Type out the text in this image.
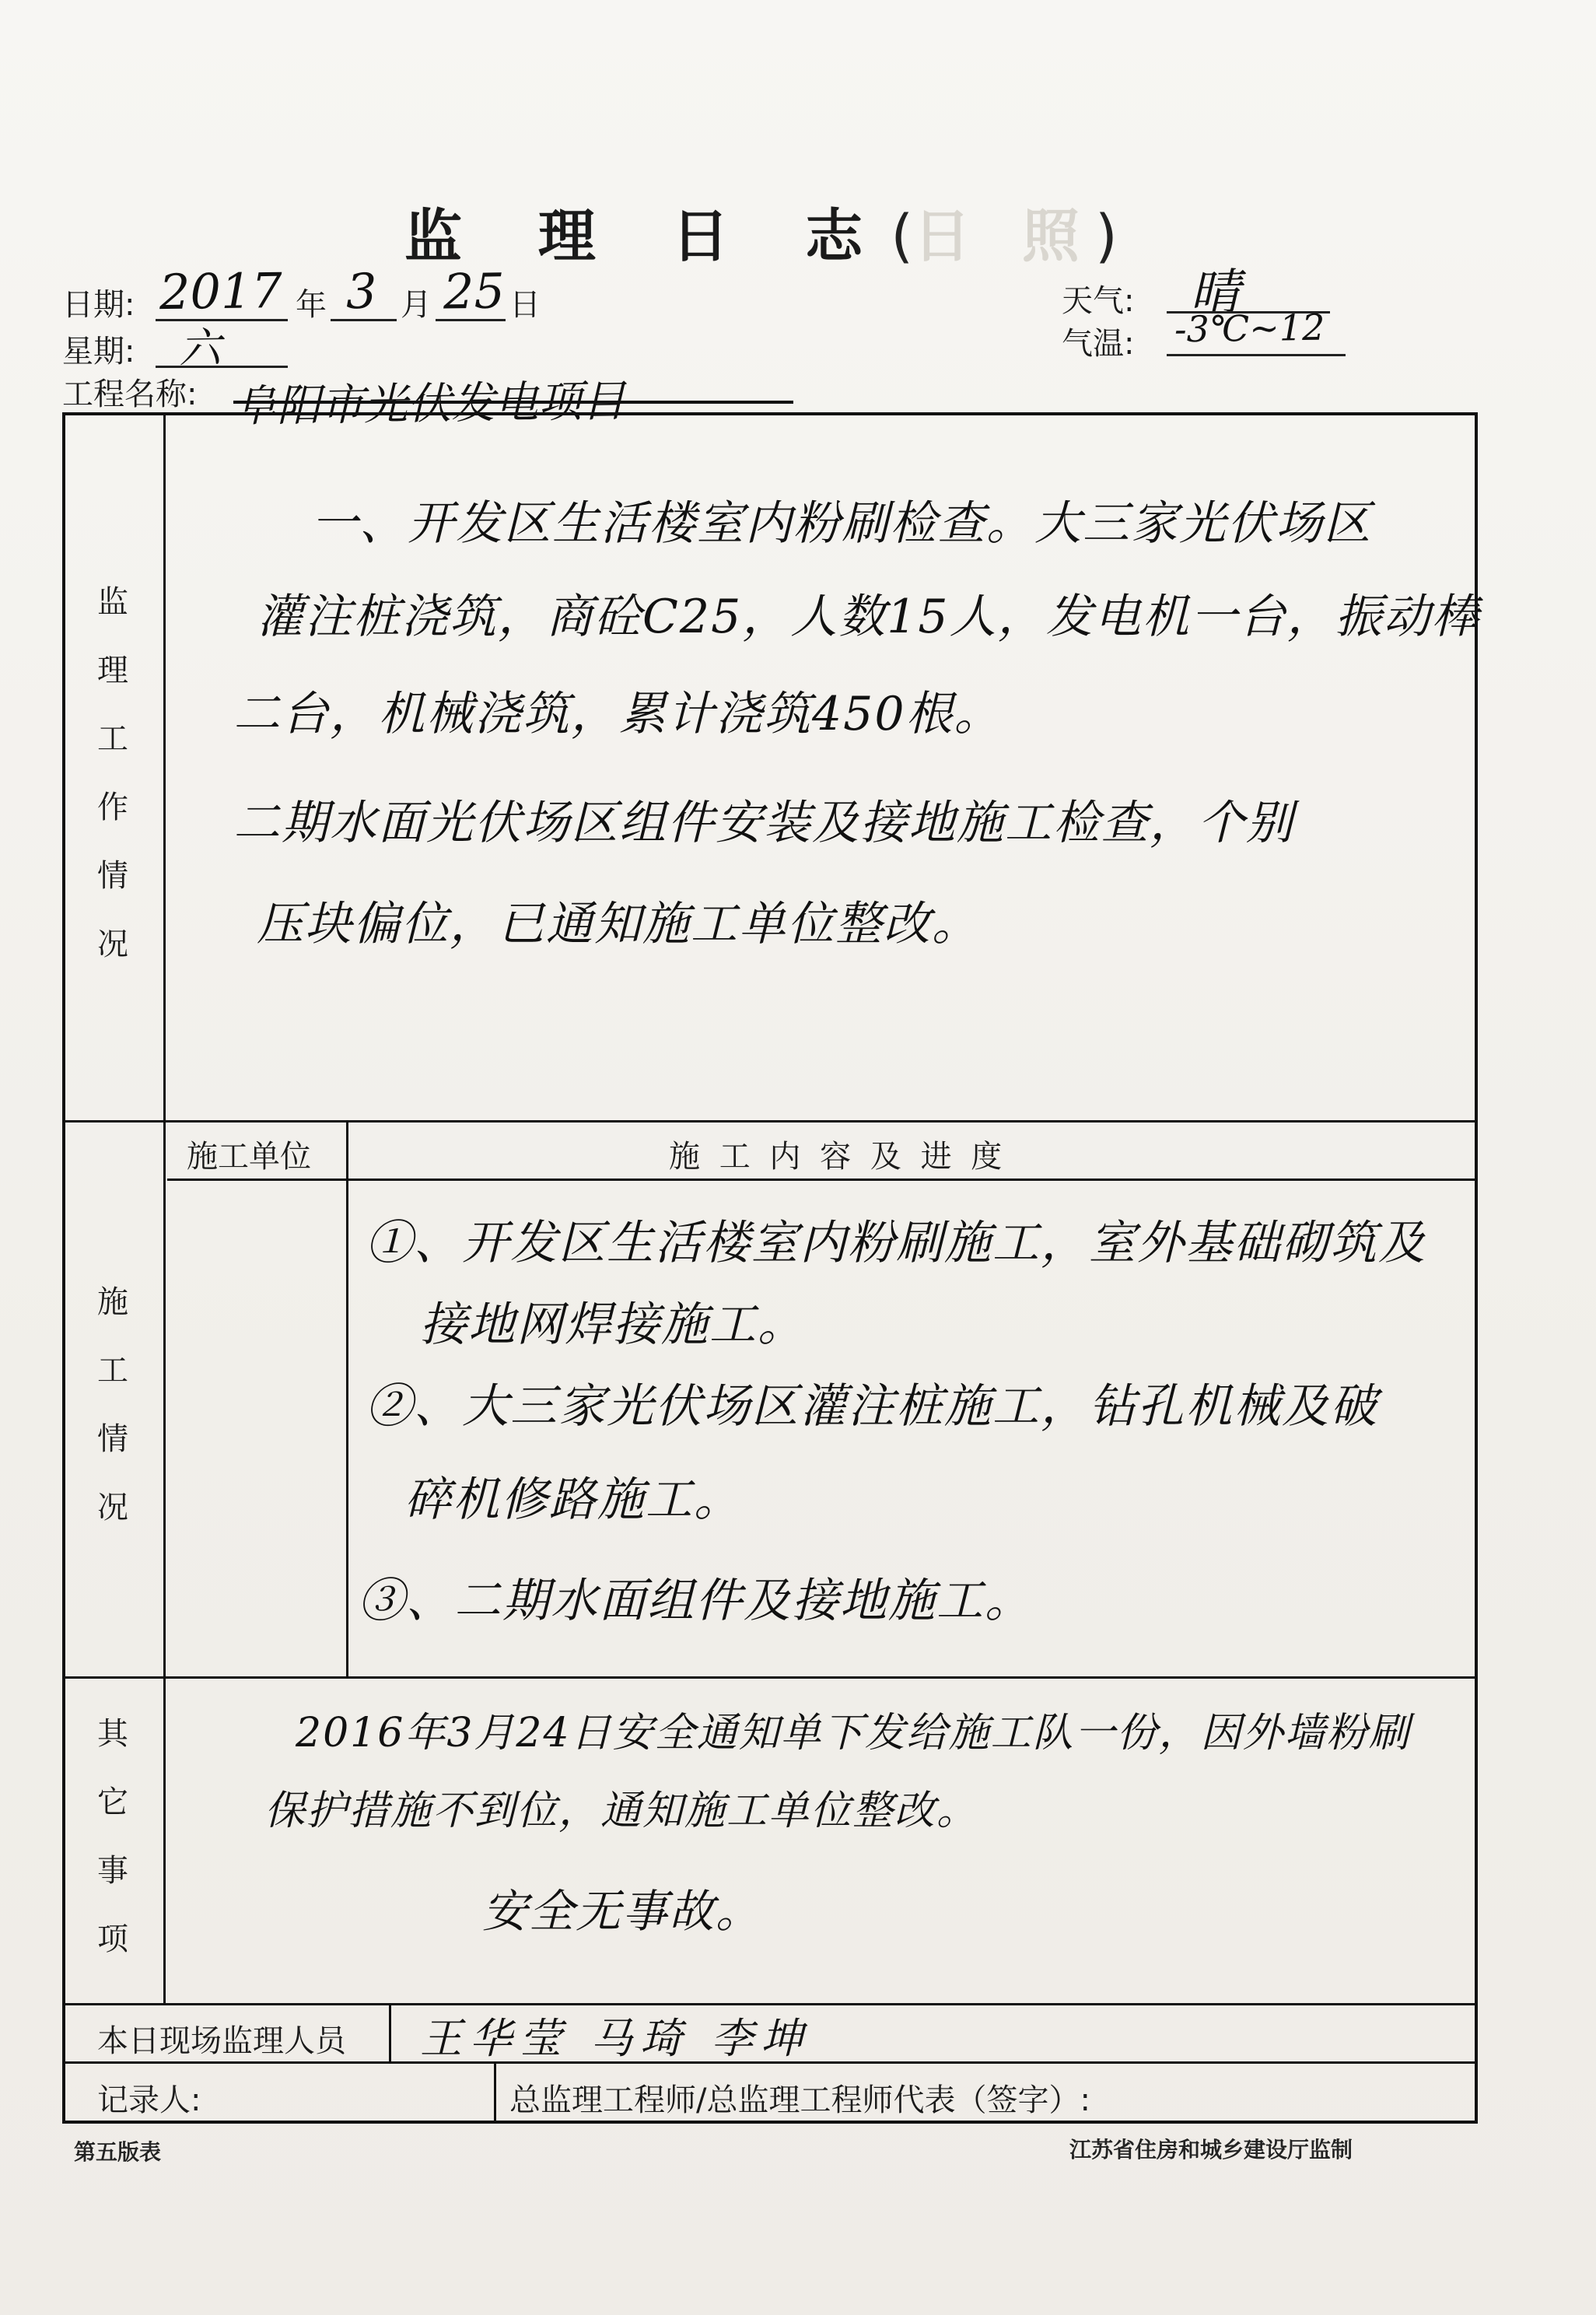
监 理 日 志(日 照)
日期: 2017 年 3 月 25 日
星期: 六
工程名称: 阜阳市光伏发电项目
天气: 晴
气温: -3℃~12
监
理
工
作
情
况
一、开发区生活楼室内粉刷检查。大三家光伏场区
灌注桩浇筑，商砼C25，人数15人，发电机一台，振动棒
二台，机械浇筑，累计浇筑450根。
二期水面光伏场区组件安装及接地施工检查，个别
压块偏位，已通知施工单位整改。
施
工
情
况
施工单位	施 工 内 容 及 进 度
①、开发区生活楼室内粉刷施工，室外基础砌筑及
接地网焊接施工。
②、大三家光伏场区灌注桩施工，钻孔机械及破
碎机修路施工。
③、二期水面组件及接地施工。
其
它
事
项
2016年3月24日安全通知单下发给施工队一份，因外墙粉刷
保护措施不到位，通知施工单位整改。
安全无事故。
本日现场监理人员 王华莹 马琦 李坤
记录人:	总监理工程师/总监理工程师代表（签字）:
第五版表	江苏省住房和城乡建设厅监制
